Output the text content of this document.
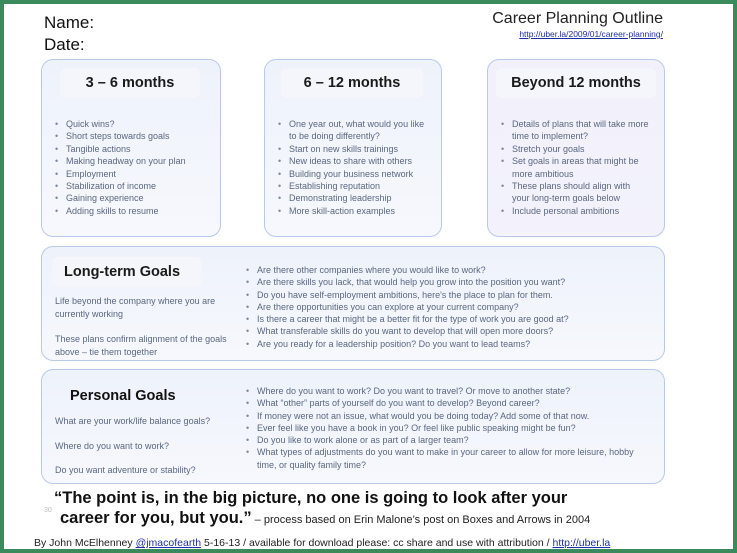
Name:
Date:
Career Planning Outline
http://uber.la/2009/01/career-planning/
3 – 6 months
• Quick wins?
• Short steps towards goals
• Tangible actions
• Making headway on your plan
• Employment
• Stabilization of income
• Gaining experience
• Adding skills to resume
6 – 12 months
• One year out, what would you like to be doing differently?
• Start on new skills trainings
• New ideas to share with others
• Building your business network
• Establishing reputation
• Demonstrating leadership
• More skill-action examples
Beyond 12 months
• Details of plans that will take more time to implement?
• Stretch your goals
• Set goals in areas that might be more ambitious
• These plans should align with your long-term goals below
• Include personal ambitions
Long-term Goals
Life beyond the company where you are currently working
These plans confirm alignment of the goals above – tie them together
• Are there other companies where you would like to work?
• Are there skills you lack, that would help you grow into the position you want?
• Do you have self-employment ambitions, here's the place to plan for them.
• Are there opportunities you can explore at your current company?
• Is there a career that might be a better fit for the type of work you are good at?
• What transferable skills do you want to develop that will open more doors?
• Are you ready for a leadership position? Do you want to lead teams?
Personal Goals
What are your work/life balance goals?
Where do you want to work?
Do you want adventure or stability?
• Where do you want to work? Do you want to travel? Or move to another state?
• What “other” parts of yourself do you want to develop? Beyond career?
• If money were not an issue, what would you be doing today? Add some of that now.
• Ever feel like you have a book in you? Or feel like public speaking might be fun?
• Do you like to work alone or as part of a larger team?
• What types of adjustments do you want to make in your career to allow for more leisure, hobby time, or quality family time?
30
“The point is, in the big picture, no one is going to look after your
career for you, but you.” – process based on Erin Malone’s post on Boxes and Arrows in 2004
By John McElhenney @jmacofearth 5-16-13 / available for download please: cc share and use with attribution / http://uber.la
